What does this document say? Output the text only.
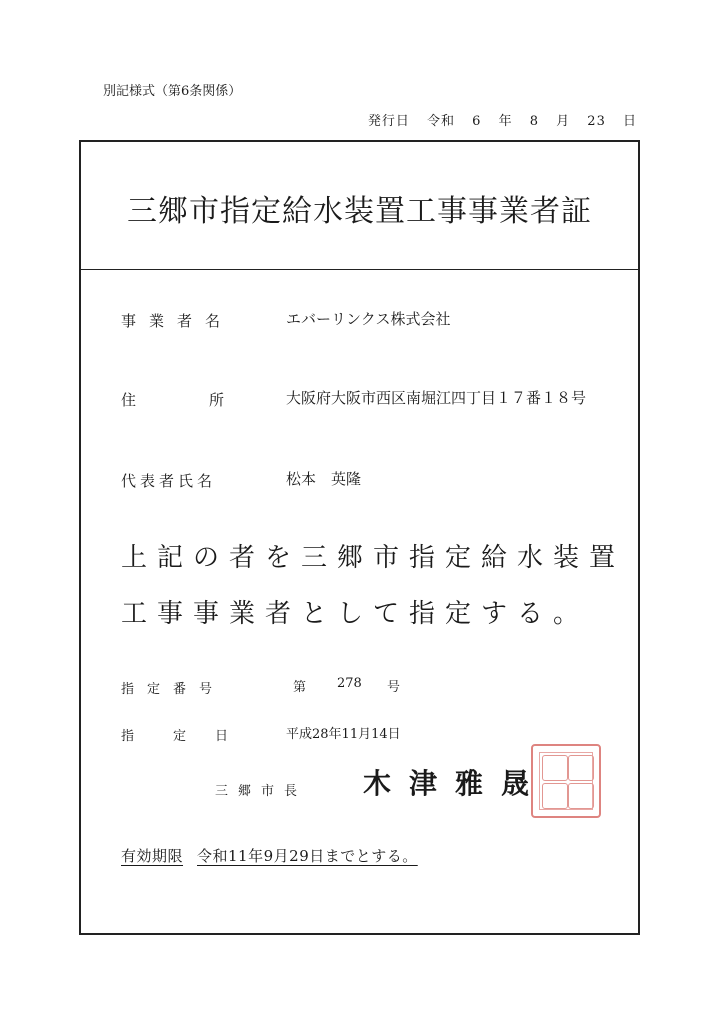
別記様式（第6条関係）
発行日 令和 6 年 8 月 23 日
三郷市指定給水装置工事事業者証
事業者名	エバーリンクス株式会社
住	所	大阪府大阪市西区南堀江四丁目１７番１８号
代表者氏名	松本　英隆
上記の者を三郷市指定給水装置
工事事業者として指定する。
指定番号	第 278 号
指	定 日	平成28年11月14日
三郷市長 木津雅晟
有効期限 令和11年9月29日までとする。
